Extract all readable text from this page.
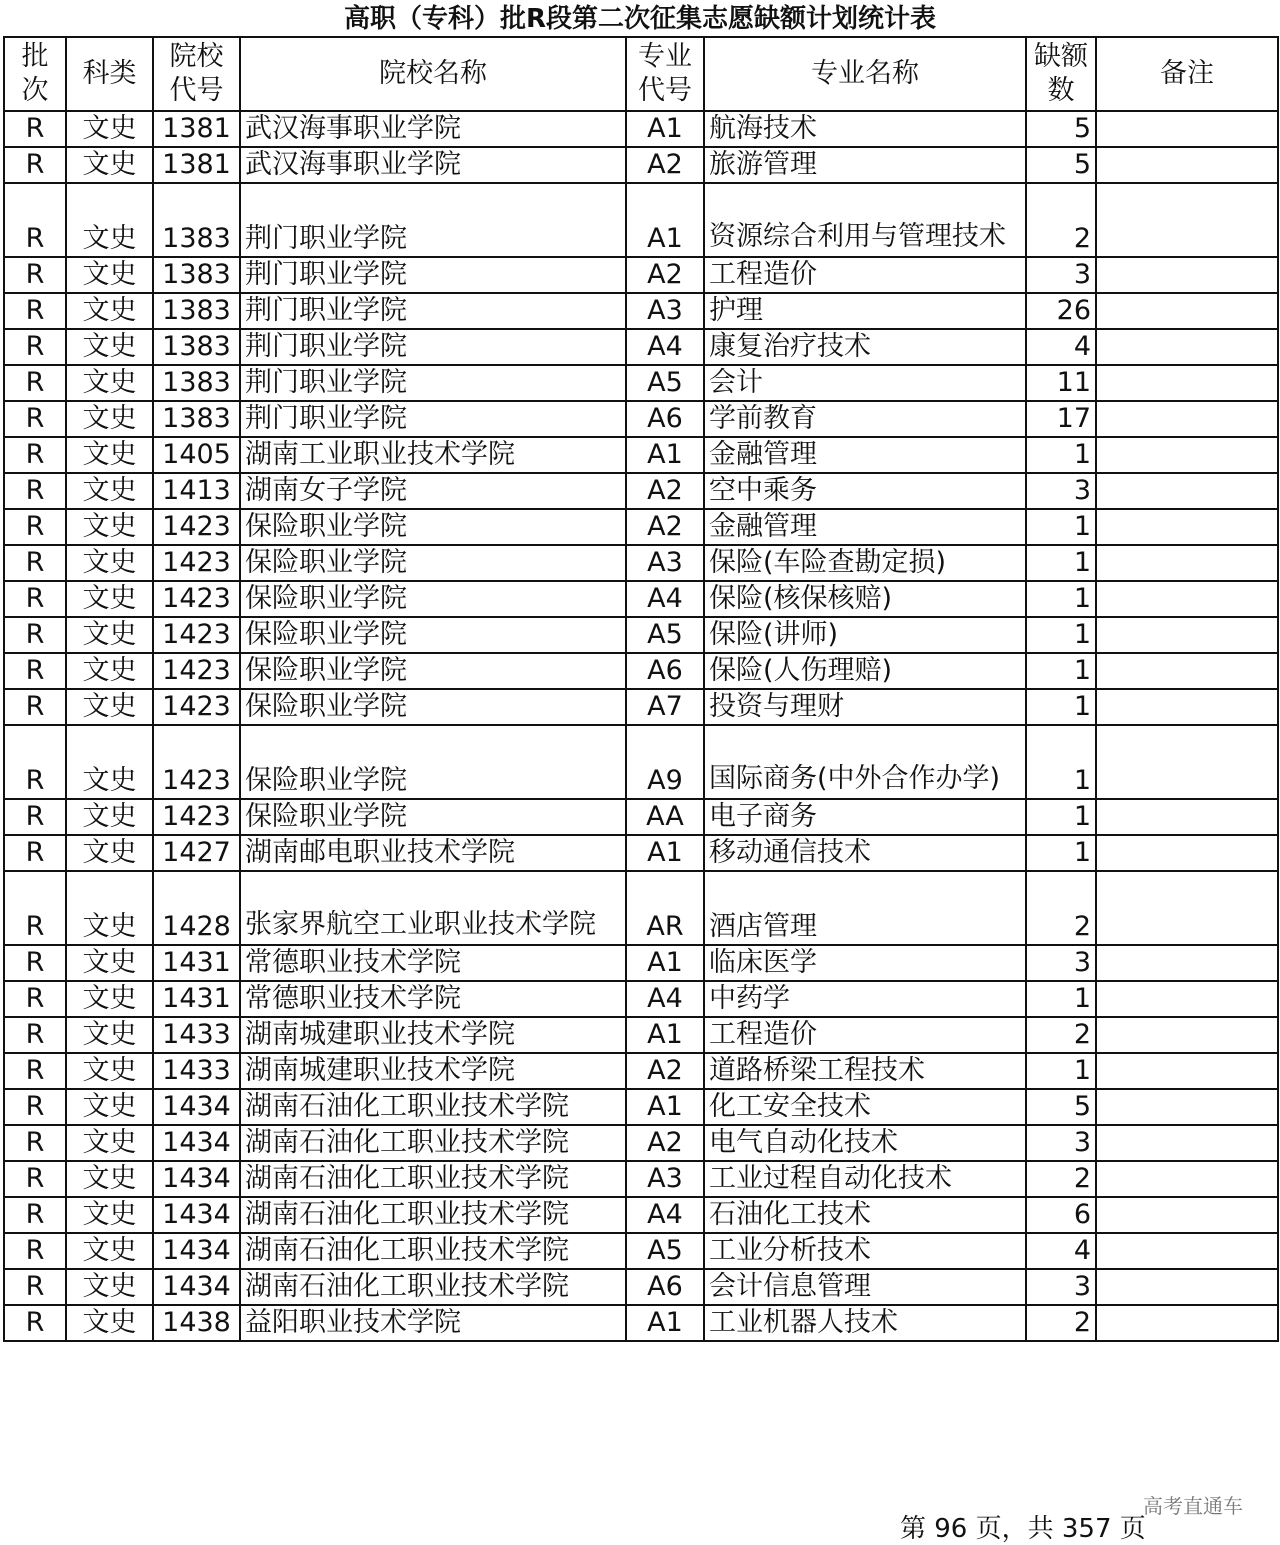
高职（专科）批R段第二次征集志愿缺额计划统计表
批次	科类	院校代号	院校名称	专业代号	专业名称	缺额数	备注
R	文史	1381	武汉海事职业学院	A1	航海技术	5	
R	文史	1381	武汉海事职业学院	A2	旅游管理	5	
R	文史	1383	荆门职业学院	A1	资源综合利用与管理技术	2	
R	文史	1383	荆门职业学院	A2	工程造价	3	
R	文史	1383	荆门职业学院	A3	护理	26	
R	文史	1383	荆门职业学院	A4	康复治疗技术	4	
R	文史	1383	荆门职业学院	A5	会计	11	
R	文史	1383	荆门职业学院	A6	学前教育	17	
R	文史	1405	湖南工业职业技术学院	A1	金融管理	1	
R	文史	1413	湖南女子学院	A2	空中乘务	3	
R	文史	1423	保险职业学院	A2	金融管理	1	
R	文史	1423	保险职业学院	A3	保险(车险查勘定损)	1	
R	文史	1423	保险职业学院	A4	保险(核保核赔)	1	
R	文史	1423	保险职业学院	A5	保险(讲师)	1	
R	文史	1423	保险职业学院	A6	保险(人伤理赔)	1	
R	文史	1423	保险职业学院	A7	投资与理财	1	
R	文史	1423	保险职业学院	A9	国际商务(中外合作办学)	1	
R	文史	1423	保险职业学院	AA	电子商务	1	
R	文史	1427	湖南邮电职业技术学院	A1	移动通信技术	1	
R	文史	1428	张家界航空工业职业技术学院	AR	酒店管理	2	
R	文史	1431	常德职业技术学院	A1	临床医学	3	
R	文史	1431	常德职业技术学院	A4	中药学	1	
R	文史	1433	湖南城建职业技术学院	A1	工程造价	2	
R	文史	1433	湖南城建职业技术学院	A2	道路桥梁工程技术	1	
R	文史	1434	湖南石油化工职业技术学院	A1	化工安全技术	5	
R	文史	1434	湖南石油化工职业技术学院	A2	电气自动化技术	3	
R	文史	1434	湖南石油化工职业技术学院	A3	工业过程自动化技术	2	
R	文史	1434	湖南石油化工职业技术学院	A4	石油化工技术	6	
R	文史	1434	湖南石油化工职业技术学院	A5	工业分析技术	4	
R	文史	1434	湖南石油化工职业技术学院	A6	会计信息管理	3	
R	文史	1438	益阳职业技术学院	A1	工业机器人技术	2	
高考直通车
第 96 页，共 357 页
